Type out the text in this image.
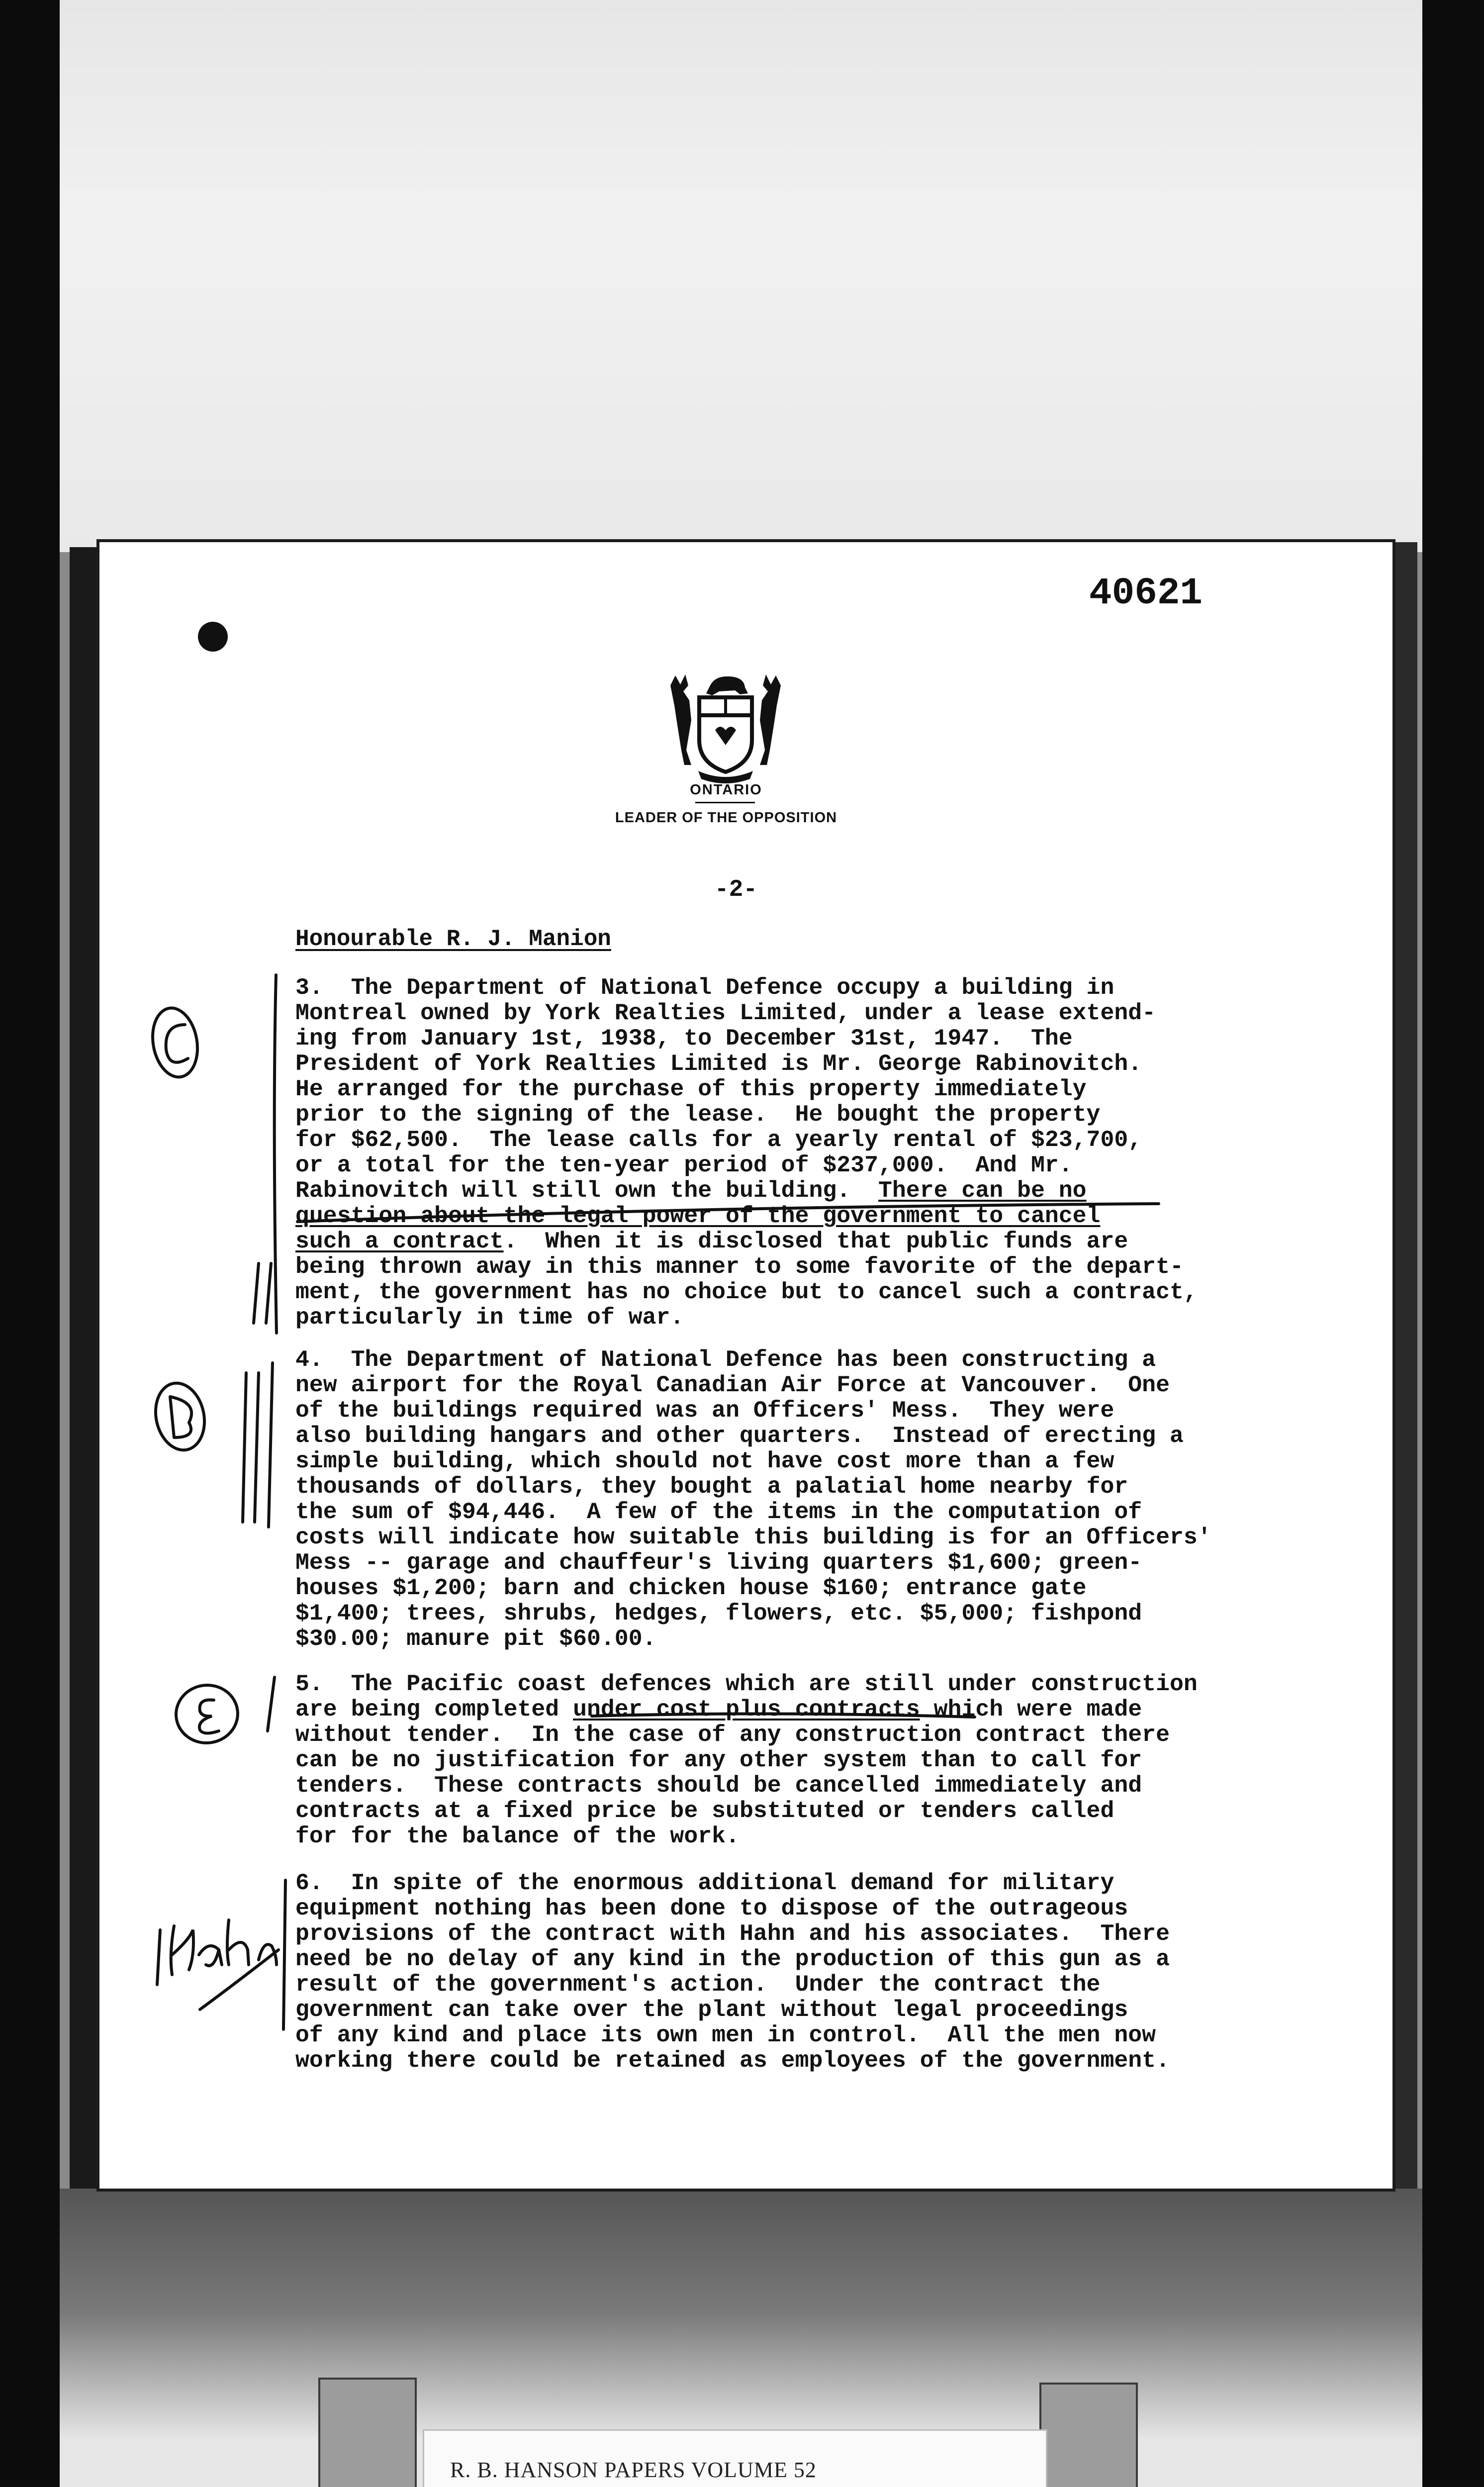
40621
ONTARIO
LEADER OF THE OPPOSITION
-2-
Honourable R. J. Manion
3.  The Department of National Defence occupy a building in
Montreal owned by York Realties Limited, under a lease extend-
ing from January 1st, 1938, to December 31st, 1947.  The
President of York Realties Limited is Mr. George Rabinovitch.
He arranged for the purchase of this property immediately
prior to the signing of the lease.  He bought the property
for $62,500.  The lease calls for a yearly rental of $23,700,
or a total for the ten-year period of $237,000.  And Mr.
Rabinovitch will still own the building.  There can be no
question about the legal power of the government to cancel
such a contract.  When it is disclosed that public funds are
being thrown away in this manner to some favorite of the depart-
ment, the government has no choice but to cancel such a contract,
particularly in time of war.
4.  The Department of National Defence has been constructing a
new airport for the Royal Canadian Air Force at Vancouver.  One
of the buildings required was an Officers' Mess.  They were
also building hangars and other quarters.  Instead of erecting a
simple building, which should not have cost more than a few
thousands of dollars, they bought a palatial home nearby for
the sum of $94,446.  A few of the items in the computation of
costs will indicate how suitable this building is for an Officers'
Mess -- garage and chauffeur's living quarters $1,600; green-
houses $1,200; barn and chicken house $160; entrance gate
$1,400; trees, shrubs, hedges, flowers, etc. $5,000; fishpond
$30.00; manure pit $60.00.
5.  The Pacific coast defences which are still under construction
are being completed under cost plus contracts which were made
without tender.  In the case of any construction contract there
can be no justification for any other system than to call for
tenders.  These contracts should be cancelled immediately and
contracts at a fixed price be substituted or tenders called
for for the balance of the work.
6.  In spite of the enormous additional demand for military
equipment nothing has been done to dispose of the outrageous
provisions of the contract with Hahn and his associates.  There
need be no delay of any kind in the production of this gun as a
result of the government's action.  Under the contract the
government can take over the plant without legal proceedings
of any kind and place its own men in control.  All the men now
working there could be retained as employees of the government.
R. B. HANSON PAPERS VOLUME 52
